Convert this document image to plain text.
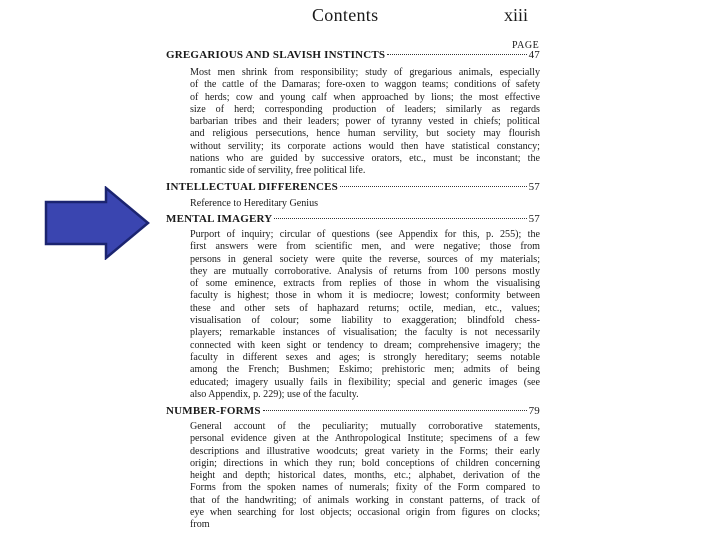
Contents	xiii
PAGE
GREGARIOUS AND SLAVISH INSTINCTS	47
Most men shrink from responsibility; study of gregarious animals, especially
of the cattle of the Damaras; fore-oxen to waggon teams; conditions of safety
of herds; cow and young calf when approached by lions; the most effective
size of herd; corresponding production of leaders; similarly as regards
barbarian tribes and their leaders; power of tyranny vested in chiefs; political
and religious persecutions, hence human servility, but society may flourish
without servility; its corporate actions would then have statistical constancy;
nations who are guided by successive orators, etc., must be inconstant; the
romantic side of servility, free political life.
INTELLECTUAL DIFFERENCES	57
Reference to Hereditary Genius
MENTAL IMAGERY	57
Purport of inquiry; circular of questions (see Appendix for this, p. 255); the
first answers were from scientific men, and were negative; those from
persons in general society were quite the reverse, sources of my materials;
they are mutually corroborative. Analysis of returns from 100 persons mostly
of some eminence, extracts from replies of those in whom the visualising
faculty is highest; those in whom it is mediocre; lowest; conformity between
these and other sets of haphazard returns; octile, median, etc., values;
visualisation of colour; some liability to exaggeration; blindfold chess-
players; remarkable instances of visualisation; the faculty is not necessarily
connected with keen sight or tendency to dream; comprehensive imagery; the
faculty in different sexes and ages; is strongly hereditary; seems notable
among the French; Bushmen; Eskimo; prehistoric men; admits of being
educated; imagery usually fails in flexibility; special and generic images (see
also Appendix, p. 229); use of the faculty.
NUMBER-FORMS	79
General account of the peculiarity; mutually corroborative statements,
personal evidence given at the Anthropological Institute; specimens of a few
descriptions and illustrative woodcuts; great variety in the Forms; their early
origin; directions in which they run; bold conceptions of children concerning
height and depth; historical dates, months, etc.; alphabet, derivation of the
Forms from the spoken names of numerals; fixity of the Form compared to
that of the handwriting; of animals working in constant patterns, of track of
eye when searching for lost objects; occasional origin from figures on clocks;
from
